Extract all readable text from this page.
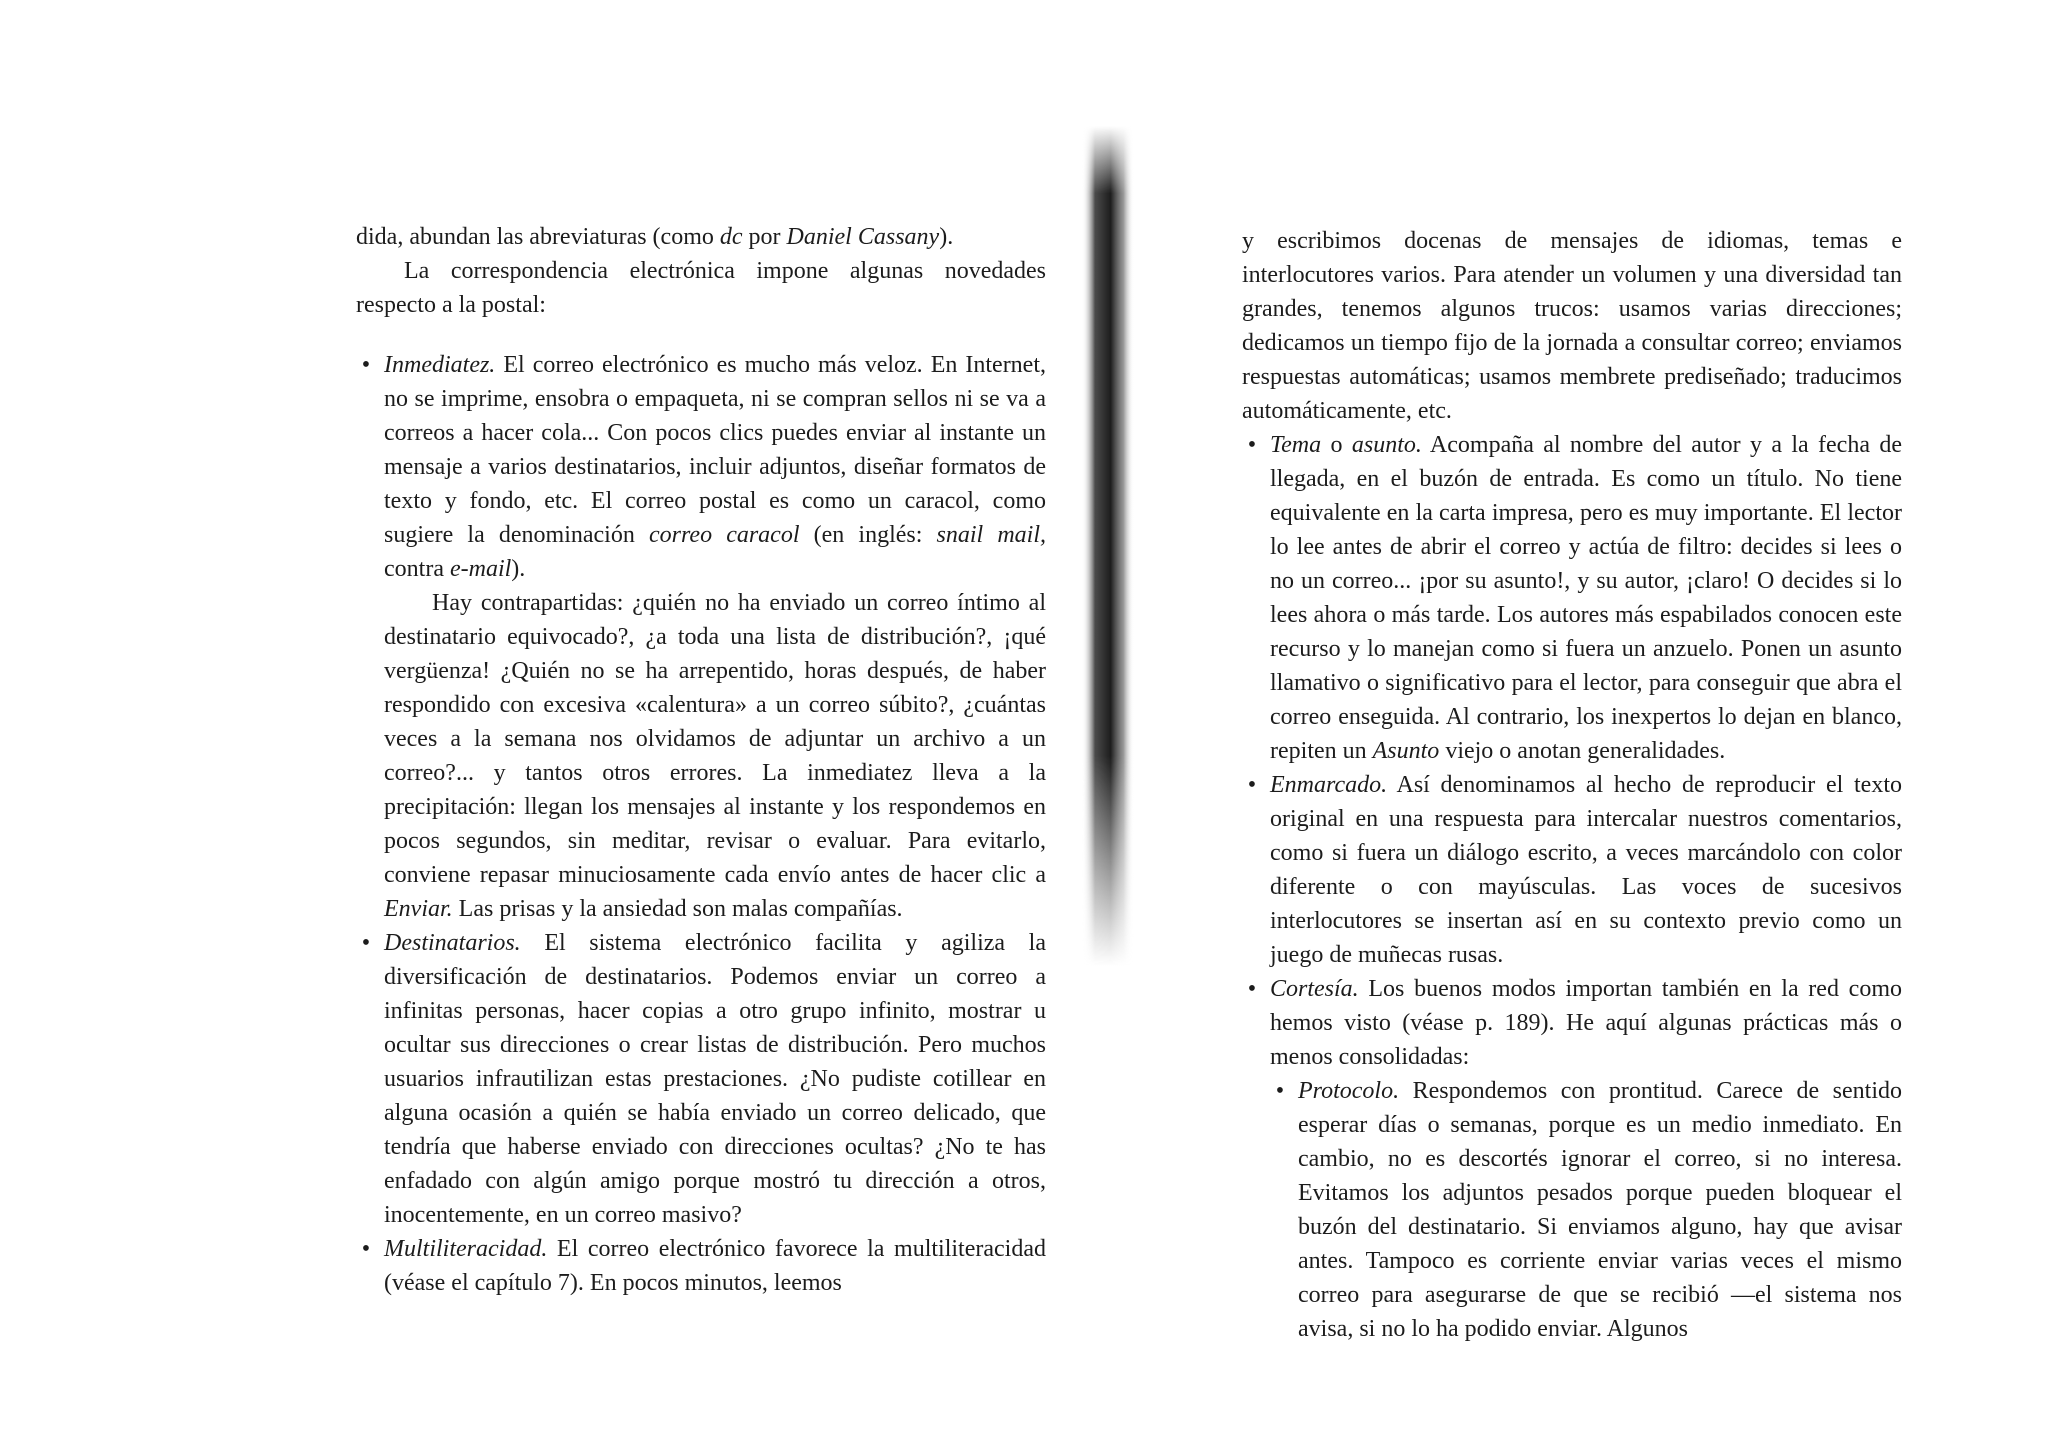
dida, abundan las abreviaturas (como dc por Daniel Cassany).

La correspondencia electrónica impone algunas novedades respecto a la postal:

• Inmediatez. El correo electrónico es mucho más veloz. En Internet, no se imprime, ensobra o empaqueta, ni se compran sellos ni se va a correos a hacer cola... Con pocos clics puedes enviar al instante un mensaje a varios destinatarios, incluir adjuntos, diseñar formatos de texto y fondo, etc. El correo postal es como un caracol, como sugiere la denominación correo caracol (en inglés: snail mail, contra e-mail).

Hay contrapartidas: ¿quién no ha enviado un correo íntimo al destinatario equivocado?, ¿a toda una lista de distribución?, ¡qué vergüenza! ¿Quién no se ha arrepentido, horas después, de haber respondido con excesiva «calentura» a un correo súbito?, ¿cuántas veces a la semana nos olvidamos de adjuntar un archivo a un correo?... y tantos otros errores. La inmediatez lleva a la precipitación: llegan los mensajes al instante y los respondemos en pocos segundos, sin meditar, revisar o evaluar. Para evitarlo, conviene repasar minuciosamente cada envío antes de hacer clic a Enviar. Las prisas y la ansiedad son malas compañías.

• Destinatarios. El sistema electrónico facilita y agiliza la diversificación de destinatarios. Podemos enviar un correo a infinitas personas, hacer copias a otro grupo infinito, mostrar u ocultar sus direcciones o crear listas de distribución. Pero muchos usuarios infrautilizan estas prestaciones. ¿No pudiste cotillear en alguna ocasión a quién se había enviado un correo delicado, que tendría que haberse enviado con direcciones ocultas? ¿No te has enfadado con algún amigo porque mostró tu dirección a otros, inocentemente, en un correo masivo?

• Multiliteracidad. El correo electrónico favorece la multiliteracidad (véase el capítulo 7). En pocos minutos, leemos

y escribimos docenas de mensajes de idiomas, temas e interlocutores varios. Para atender un volumen y una diversidad tan grandes, tenemos algunos trucos: usamos varias direcciones; dedicamos un tiempo fijo de la jornada a consultar correo; enviamos respuestas automáticas; usamos membrete prediseñado; traducimos automáticamente, etc.

• Tema o asunto. Acompaña al nombre del autor y a la fecha de llegada, en el buzón de entrada. Es como un título. No tiene equivalente en la carta impresa, pero es muy importante. El lector lo lee antes de abrir el correo y actúa de filtro: decides si lees o no un correo... ¡por su asunto!, y su autor, ¡claro! O decides si lo lees ahora o más tarde. Los autores más espabilados conocen este recurso y lo manejan como si fuera un anzuelo. Ponen un asunto llamativo o significativo para el lector, para conseguir que abra el correo enseguida. Al contrario, los inexpertos lo dejan en blanco, repiten un Asunto viejo o anotan generalidades.

• Enmarcado. Así denominamos al hecho de reproducir el texto original en una respuesta para intercalar nuestros comentarios, como si fuera un diálogo escrito, a veces marcándolo con color diferente o con mayúsculas. Las voces de sucesivos interlocutores se insertan así en su contexto previo como un juego de muñecas rusas.

• Cortesía. Los buenos modos importan también en la red como hemos visto (véase p. 189). He aquí algunas prácticas más o menos consolidadas:

• Protocolo. Respondemos con prontitud. Carece de sentido esperar días o semanas, porque es un medio inmediato. En cambio, no es descortés ignorar el correo, si no interesa. Evitamos los adjuntos pesados porque pueden bloquear el buzón del destinatario. Si enviamos alguno, hay que avisar antes. Tampoco es corriente enviar varias veces el mismo correo para asegurarse de que se recibió —el sistema nos avisa, si no lo ha podido enviar. Algunos
